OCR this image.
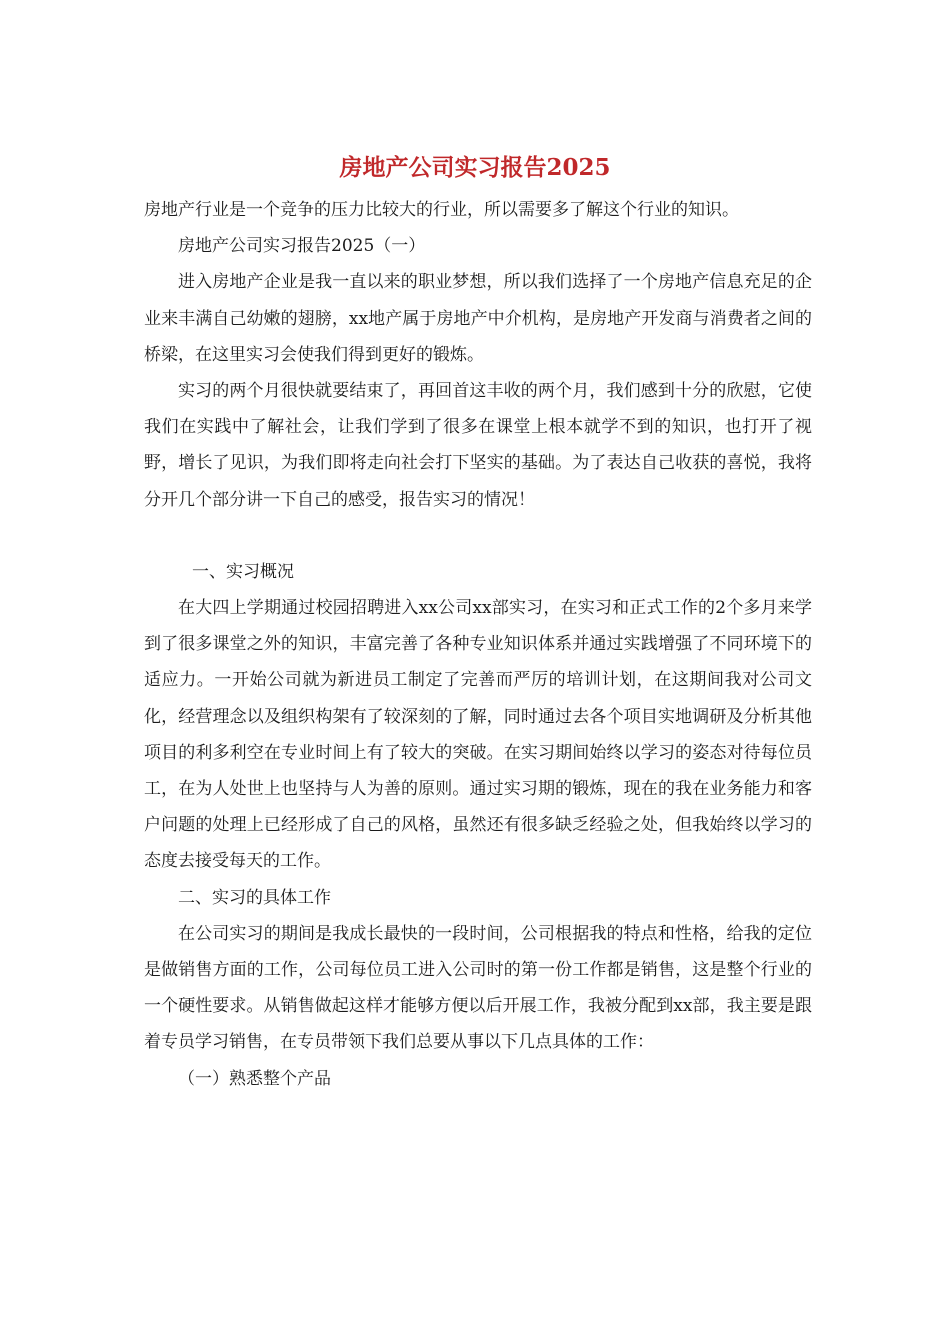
房地产公司实习报告2025

房地产行业是一个竞争的压力比较大的行业，所以需要多了解这个行业的知识。

房地产公司实习报告2025（一）

进入房地产企业是我一直以来的职业梦想，所以我们选择了一个房地产信息充足的企业来丰满自己幼嫩的翅膀，xx地产属于房地产中介机构，是房地产开发商与消费者之间的桥梁，在这里实习会使我们得到更好的锻炼。

实习的两个月很快就要结束了，再回首这丰收的两个月，我们感到十分的欣慰，它使我们在实践中了解社会，让我们学到了很多在课堂上根本就学不到的知识，也打开了视野，增长了见识，为我们即将走向社会打下坚实的基础。为了表达自己收获的喜悦，我将分开几个部分讲一下自己的感受，报告实习的情况！

一、实习概况

在大四上学期通过校园招聘进入xx公司xx部实习，在实习和正式工作的2个多月来学到了很多课堂之外的知识，丰富完善了各种专业知识体系并通过实践增强了不同环境下的适应力。一开始公司就为新进员工制定了完善而严厉的培训计划，在这期间我对公司文化，经营理念以及组织构架有了较深刻的了解，同时通过去各个项目实地调研及分析其他项目的利多利空在专业时间上有了较大的突破。在实习期间始终以学习的姿态对待每位员工，在为人处世上也坚持与人为善的原则。通过实习期的锻炼，现在的我在业务能力和客户问题的处理上已经形成了自己的风格，虽然还有很多缺乏经验之处，但我始终以学习的态度去接受每天的工作。

二、实习的具体工作

在公司实习的期间是我成长最快的一段时间，公司根据我的特点和性格，给我的定位是做销售方面的工作，公司每位员工进入公司时的第一份工作都是销售，这是整个行业的一个硬性要求。从销售做起这样才能够方便以后开展工作，我被分配到xx部，我主要是跟着专员学习销售，在专员带领下我们总要从事以下几点具体的工作：

（一）熟悉整个产品
